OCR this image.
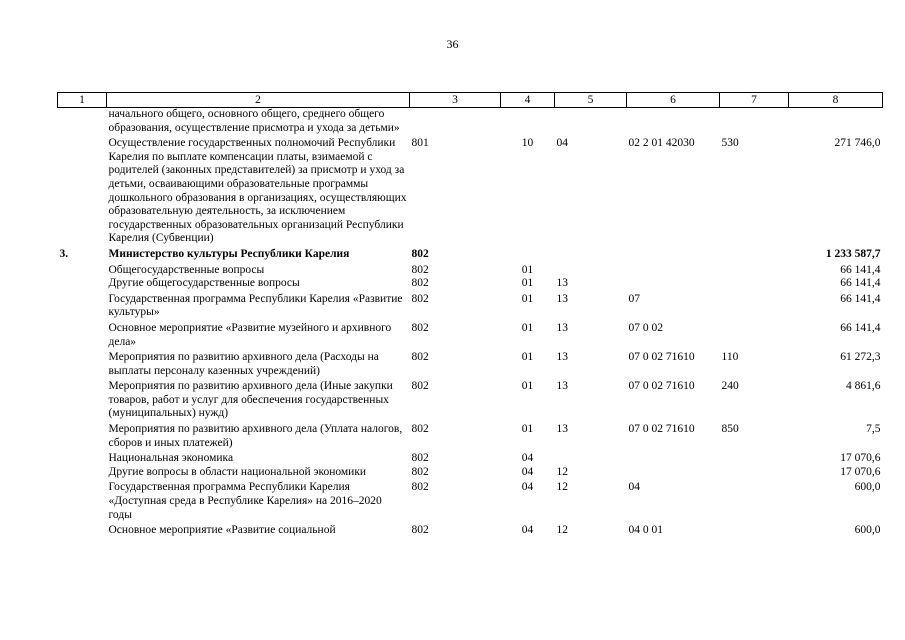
36
1	2	3	4	5	6	7	8
	начального общего, основного общего, среднего общего образования, осуществление присмотра и ухода за детьми»						
	Осуществление государственных полномочий Республики Карелия по выплате компенсации платы, взимаемой с родителей (законных представителей) за присмотр и уход за детьми, осваивающими образовательные программы дошкольного образования в организациях, осуществляющих образовательную деятельность, за исключением государственных образовательных организаций Республики Карелия (Субвенции)	801	10	04	02 2 01 42030	530	271 746,0
3.	Министерство культуры Республики Карелия	802					1 233 587,7
	Общегосударственные вопросы	802	01				66 141,4
	Другие общегосударственные вопросы	802	01	13			66 141,4
	Государственная программа Республики Карелия «Развитие культуры»	802	01	13	07		66 141,4
	Основное мероприятие «Развитие музейного и архивного дела»	802	01	13	07 0 02		66 141,4
	Мероприятия по развитию архивного дела (Расходы на выплаты персоналу казенных учреждений)	802	01	13	07 0 02 71610	110	61 272,3
	Мероприятия по развитию архивного дела (Иные закупки товаров, работ и услуг для обеспечения государственных (муниципальных) нужд)	802	01	13	07 0 02 71610	240	4 861,6
	Мероприятия по развитию архивного дела (Уплата налогов, сборов и иных платежей)	802	01	13	07 0 02 71610	850	7,5
	Национальная экономика	802	04				17 070,6
	Другие вопросы в области национальной экономики	802	04	12			17 070,6
	Государственная программа Республики Карелия «Доступная среда в Республике Карелия» на 2016–2020 годы	802	04	12	04		600,0
	Основное мероприятие «Развитие социальной	802	04	12	04 0 01		600,0
